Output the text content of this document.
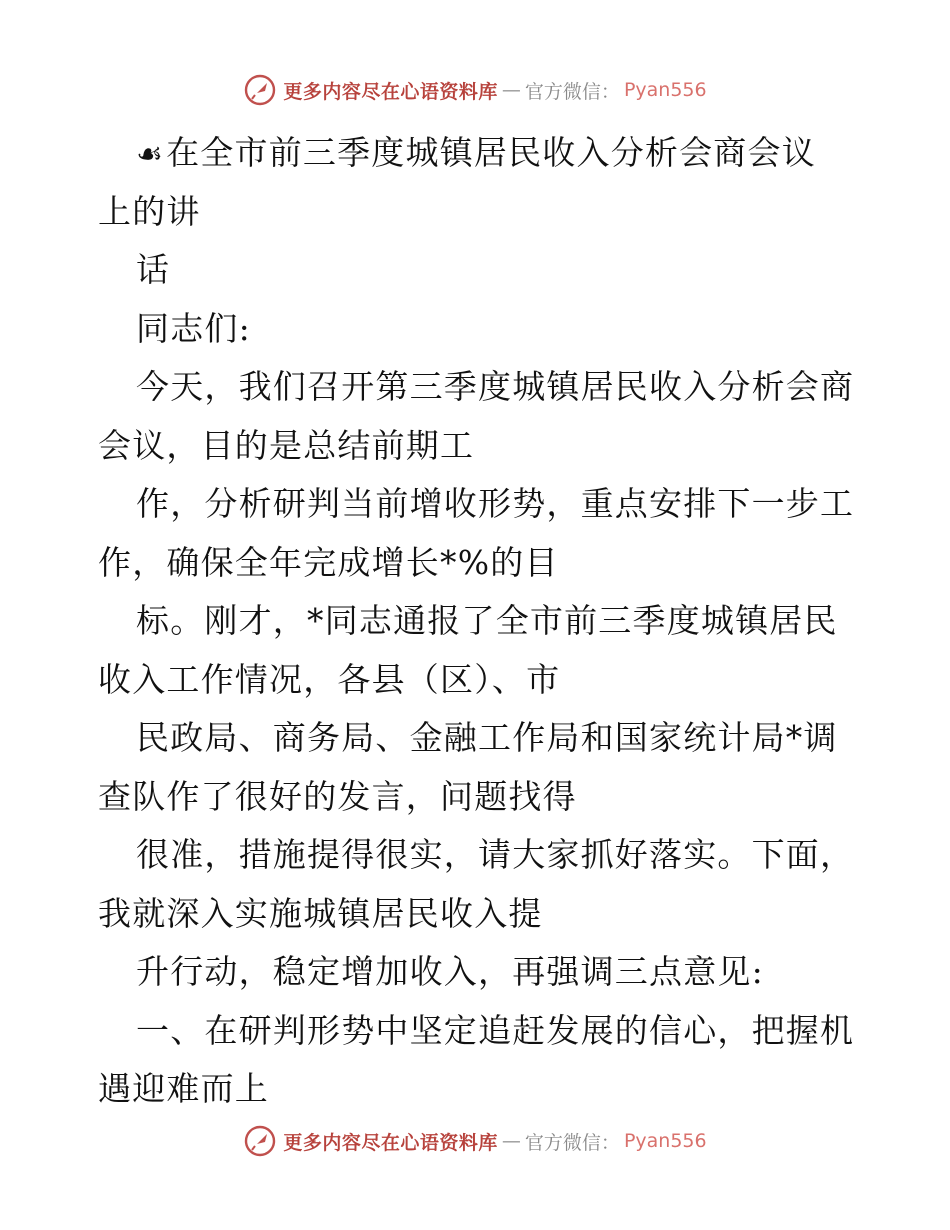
更多内容尽在心语资料库 — 官方微信： Pyan556
☙在全市前三季度城镇居民收入分析会商会议
上的讲
话
同志们:
今天，我们召开第三季度城镇居民收入分析会商
会议，目的是总结前期工
作，分析研判当前增收形势，重点安排下一步工
作，确保全年完成增长*%的目
标。刚才，*同志通报了全市前三季度城镇居民
收入工作情况，各县（区）、市
民政局、商务局、金融工作局和国家统计局*调
查队作了很好的发言，问题找得
很准，措施提得很实，请大家抓好落实。下面，
我就深入实施城镇居民收入提
升行动，稳定增加收入，再强调三点意见:
一、在研判形势中坚定追赶发展的信心，把握机
遇迎难而上
更多内容尽在心语资料库 — 官方微信： Pyan556
